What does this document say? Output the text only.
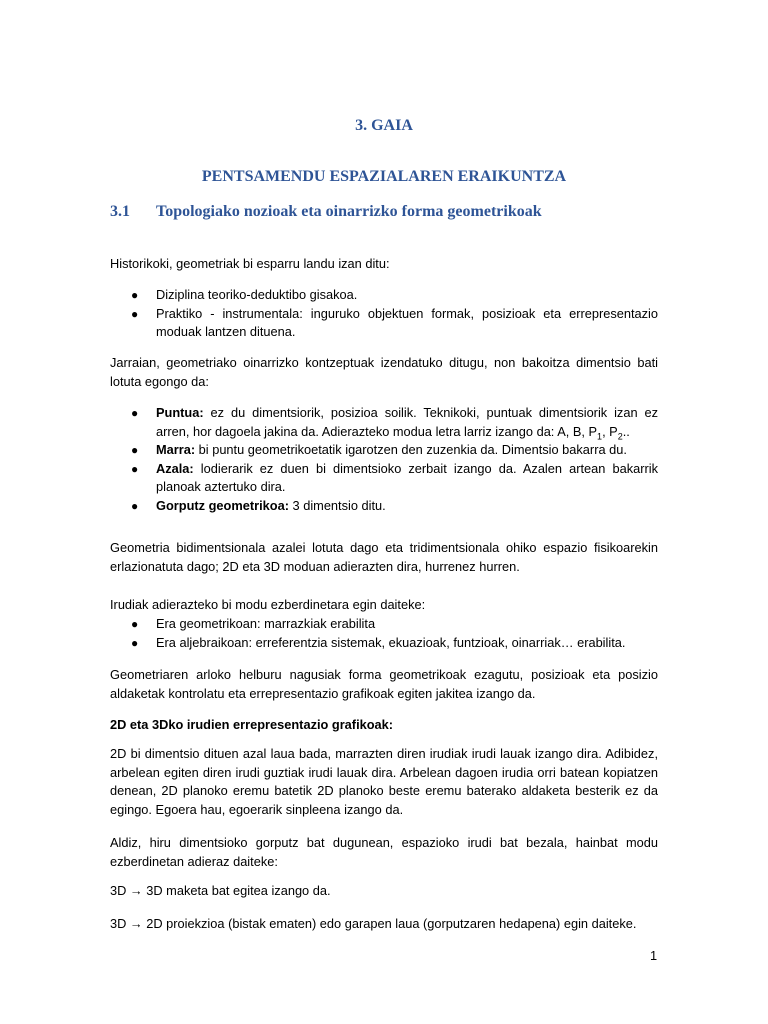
3. GAIA

PENTSAMENDU ESPAZIALAREN ERAIKUNTZA

3.1 Topologiako nozioak eta oinarrizko forma geometrikoak

Historikoki, geometriak bi esparru landu izan ditu:

● Diziplina teoriko-deduktibo gisakoa.
● Praktiko - instrumentala: inguruko objektuen formak, posizioak eta errepresentazio moduak lantzen dituena.

Jarraian, geometriako oinarrizko kontzeptuak izendatuko ditugu, non bakoitza dimentsio bati lotuta egongo da:

● Puntua: ez du dimentsiorik, posizioa soilik. Teknikoki, puntuak dimentsiorik izan ez arren, hor dagoela jakina da. Adierazteko modua letra larriz izango da: A, B, $P_1$, $P_2$..
● Marra: bi puntu geometrikoetatik igarotzen den zuzenkia da. Dimentsio bakarra du.
● Azala: lodierarik ez duen bi dimentsioko zerbait izango da. Azalen artean bakarrik planoak aztertuko dira.
● Gorputz geometrikoa: 3 dimentsio ditu.

Geometria bidimentsionala azalei lotuta dago eta tridimentsionala ohiko espazio fisikoarekin erlazionatuta dago; 2D eta 3D moduan adierazten dira, hurrenez hurren.

Irudiak adierazteko bi modu ezberdinetara egin daiteke:

● Era geometrikoan: marrazkiak erabilita
● Era aljebraikoan: erreferentzia sistemak, ekuazioak, funtzioak, oinarriak… erabilita.

Geometriaren arloko helburu nagusiak forma geometrikoak ezagutu, posizioak eta posizio aldaketak kontrolatu eta errepresentazio grafikoak egiten jakitea izango da.

2D eta 3Dko irudien errepresentazio grafikoak:

2D bi dimentsio dituen azal laua bada, marrazten diren irudiak irudi lauak izango dira. Adibidez, arbelean egiten diren irudi guztiak irudi lauak dira. Arbelean dagoen irudia orri batean kopiatzen denean, 2D planoko eremu batetik 2D planoko beste eremu baterako aldaketa besterik ez da egingo. Egoera hau, egoerarik sinpleena izango da.

Aldiz, hiru dimentsioko gorputz bat dugunean, espazioko irudi bat bezala, hainbat modu ezberdinetan adieraz daiteke:

3D → 3D maketa bat egitea izango da.

3D → 2D proiekzioa (bistak ematen) edo garapen laua (gorputzaren hedapena) egin daiteke.

1
